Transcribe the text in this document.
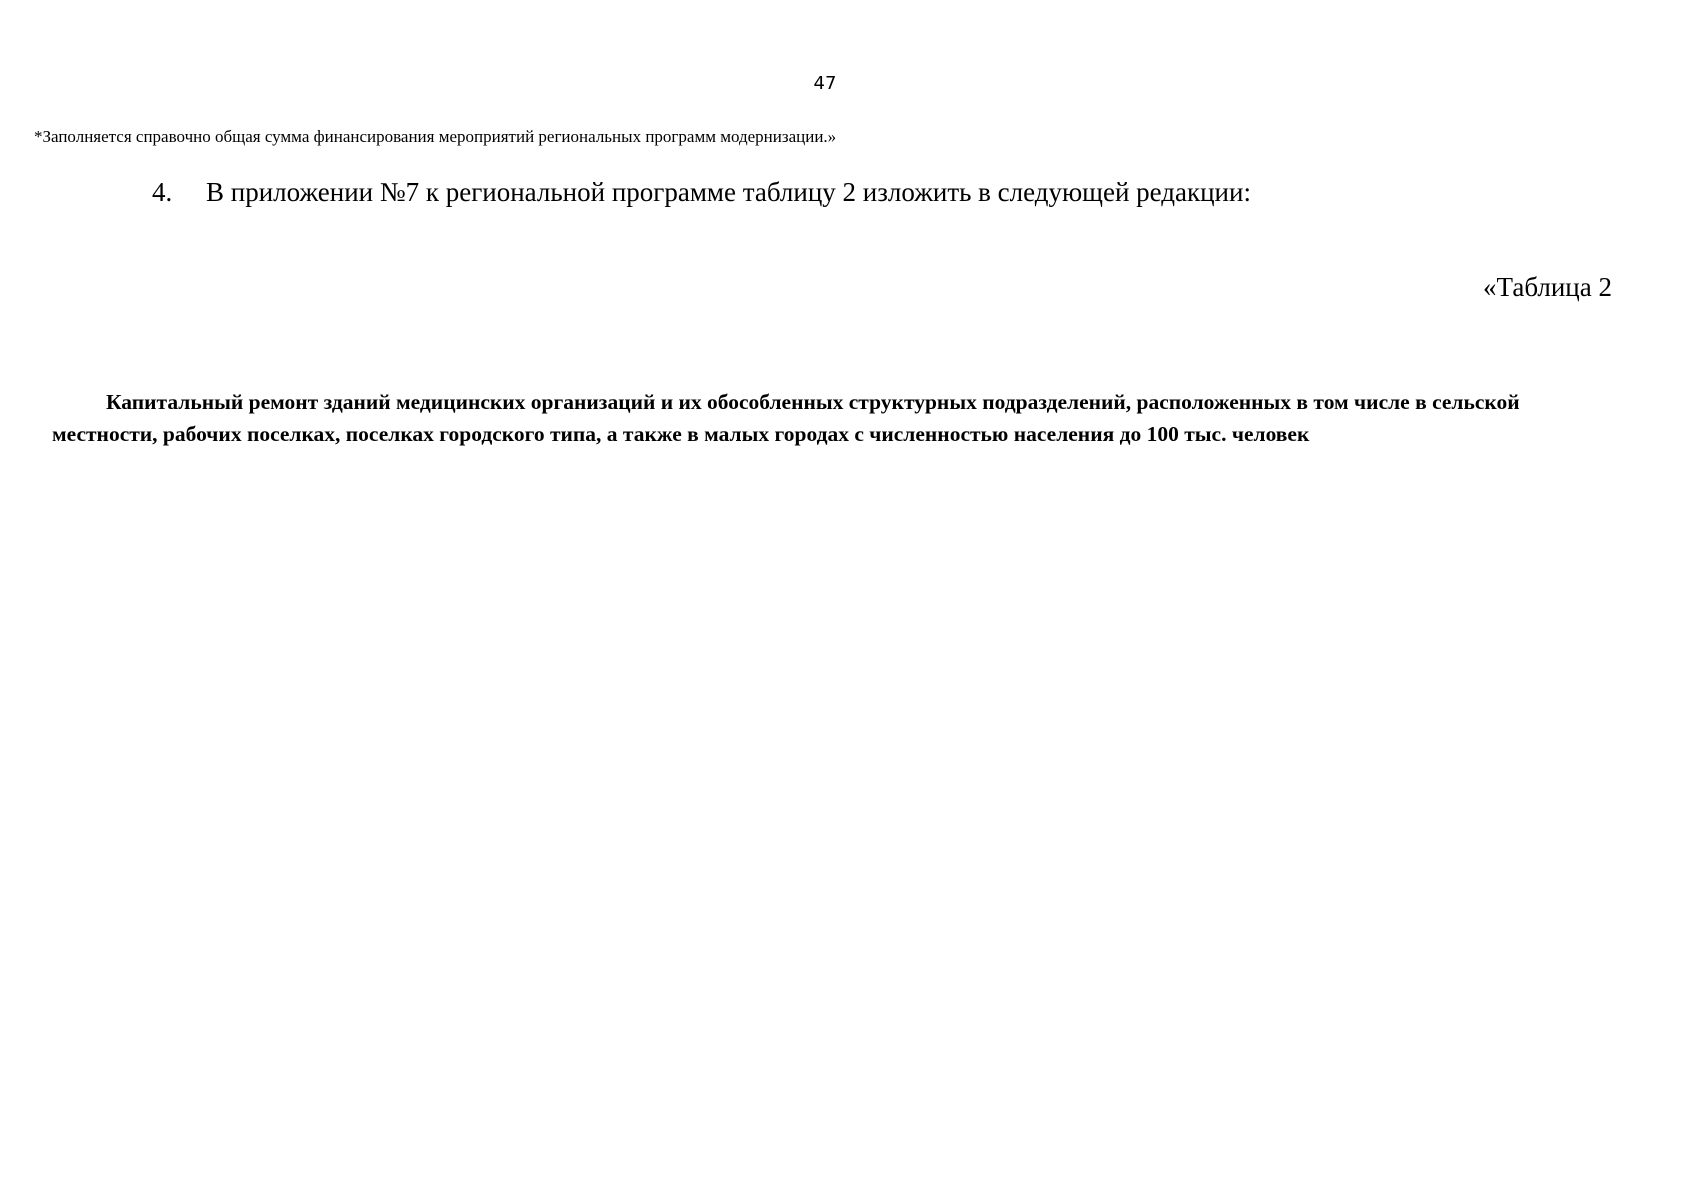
47
*Заполняется справочно общая сумма финансирования мероприятий региональных программ модернизации.»
4. В приложении №7 к региональной программе таблицу 2 изложить в следующей редакции:
«Таблица 2
Капитальный ремонт зданий медицинских организаций и их обособленных структурных подразделений, расположенных в том числе в сельской местности, рабочих поселках, поселках городского типа, а также в малых городах с численностью населения до 100 тыс. человек
